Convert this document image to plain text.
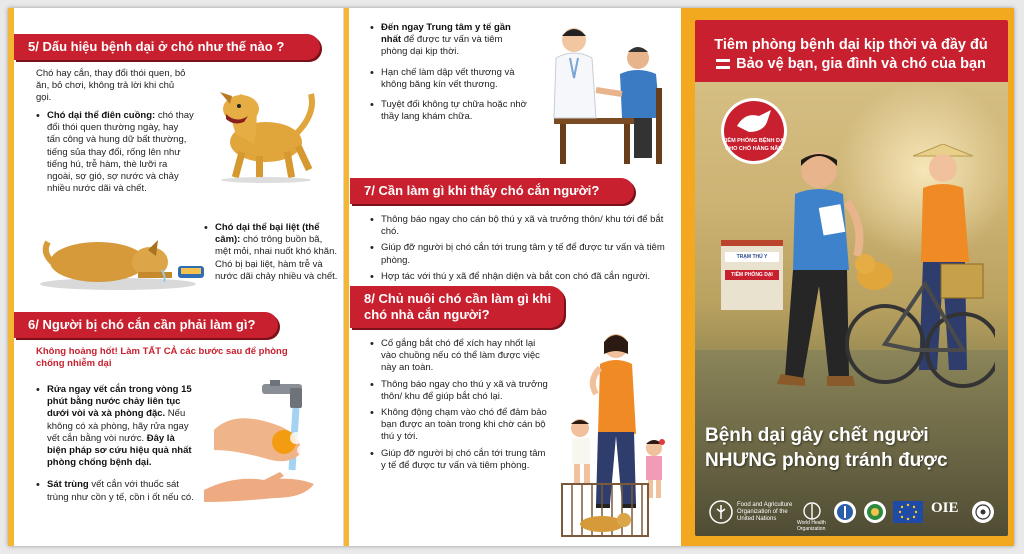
5/ Dấu hiệu bệnh dại ở chó như thế nào ?
Chó hay cắn, thay đổi thói quen, bỏ ăn, bỏ chơi, không trả lời khi chủ gọi.
• Chó dại thể điên cuồng: chó thay đổi thói quen thường ngày, hay tấn công và hung dữ bất thường, tiếng sủa thay đổi, rống lên như tiếng hú, trễ hàm, thè lưỡi ra ngoài, sợ gió, sợ nước và chảy nhiều nước dãi và chết.
• Chó dại thể bại liệt (thể câm): chó trông buồn bã, mệt mỏi, nhai nuốt khó khăn. Chó bị bại liệt, hàm trễ và nước dãi chảy nhiều và chết.
6/ Người bị chó cắn cần phải làm gì?
Không hoảng hốt! Làm TẤT CẢ các bước sau để phòng chống nhiễm dại
• Rửa ngay vết cắn trong vòng 15 phút bằng nước chảy liên tục dưới vòi và xà phòng đặc. Nếu không có xà phòng, hãy rửa ngay vết cắn bằng vòi nước. Đây là biện pháp sơ cứu hiệu quả nhất phòng chống bệnh dại.
• Sát trùng vết cắn với thuốc sát trùng như cồn y tế, cồn i ốt nếu có.
• Đến ngay Trung tâm y tế gần nhất để được tư vấn và tiêm phòng dại kịp thời.
• Hạn chế làm dập vết thương và không băng kín vết thương.
• Tuyệt đối không tự chữa hoặc nhờ thầy lang khám chữa.
7/ Cần làm gì khi thấy chó cắn người?
• Thông báo ngay cho cán bộ thú y xã và trưởng thôn/ khu tới để bắt chó.
• Giúp đỡ người bị chó cắn tới trung tâm y tế để được tư vấn và tiêm phòng.
• Hợp tác với thú y xã để nhận diện và bắt con chó đã cắn người.
8/ Chủ nuôi chó cần làm gì khi chó nhà cắn người?
• Cố gắng bắt chó để xích hay nhốt lại vào chuồng nếu có thể làm được việc này an toàn.
• Thông báo ngay cho thú y xã và trưởng thôn/ khu để giúp bắt chó lại.
• Không động chạm vào chó để đảm bảo bạn được an toàn trong khi chờ cán bộ thú y tới.
• Giúp đỡ người bị chó cắn tới trung tâm y tế để được tư vấn và tiêm phòng.
Tiêm phòng bệnh dại kịp thời và đầy đủ
Bảo vệ bạn, gia đình và chó của bạn
TIÊM PHÒNG BỆNH DẠI
CHO CHÓ HÀNG NĂM
TRẠM THÚ Y
TIÊM PHÒNG DẠI
Bệnh dại gây chết người
NHƯNG phòng tránh được
Food and Agriculture
Organization of the
United Nations
World Health
Organization
OIE
